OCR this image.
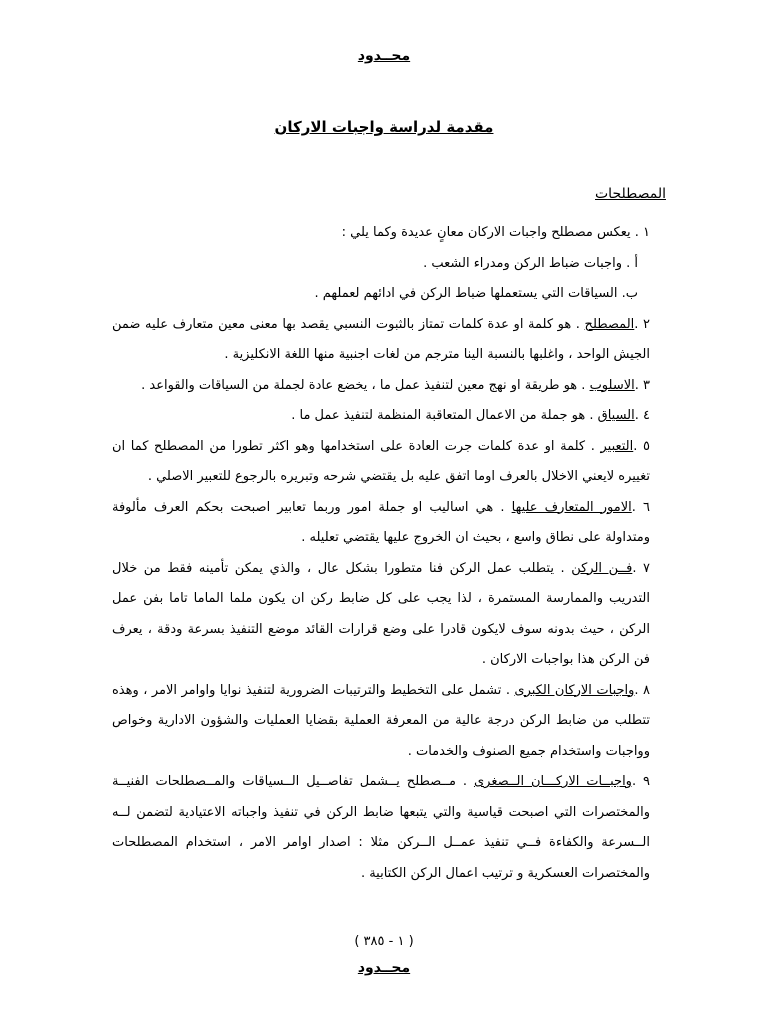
محــدود
مقدمة لدراسة واجبات الاركان
المصطلحات
١ . يعكس مصطلح واجبات الاركان معانٍ عديدة وكما يلي :
أ . واجبات ضباط الركن ومدراء الشعب .
ب. السياقات التي يستعملها ضباط الركن في ادائهم لعملهم .
٢ .المصطلح . هو كلمة او عدة كلمات تمتاز بالثبوت النسبي يقصد بها معنى معين متعارف عليه ضمن الجيش الواحد ، واغلبها بالنسبة الينا مترجم من لغات اجنبية منها اللغة الانكليزية .
٣ .الاسلوب . هو طريقة او نهج معين لتنفيذ عمل ما ، يخضع عادة لجملة من السياقات والقواعد .
٤ .السياق . هو جملة من الاعمال المتعاقبة المنظمة لتنفيذ عمل ما .
٥ .التعبير . كلمة او عدة كلمات جرت العادة على استخدامها وهو اكثر تطورا من المصطلح كما ان تغييره لايعني الاخلال بالعرف اوما اتفق عليه بل يقتضي شرحه وتبريره بالرجوع للتعبير الاصلي .
٦ .الامور المتعارف عليها . هي اساليب او جملة امور وربما تعابير اصبحت بحكم العرف مألوفة ومتداولة على نطاق واسع ، بحيث ان الخروج عليها يقتضي تعليله .
٧ .فــن الركن . يتطلب عمل الركن فنا متطورا بشكل عال ، والذي يمكن تأمينه فقط من خلال التدريب والممارسة المستمرة ، لذا يجب على كل ضابط ركن ان يكون ملما الماما تاما بفن عمل الركن ، حيث بدونه سوف لايكون قادرا على وضع قرارات القائد موضع التنفيذ بسرعة ودقة ، يعرف فن الركن هذا بواجبات الاركان .
٨ .واجبات الاركان الكبرى . تشمل على التخطيط والترتيبات الضرورية لتنفيذ نوايا واوامر الامر ، وهذه تتطلب من ضابط الركن درجة عالية من المعرفة العملية بقضايا العمليات والشؤون الادارية وخواص وواجبات واستخدام جميع الصنوف والخدمات .
٩ .واجبــات الاركـــان الــصغرى . مــصطلح يــشمل تفاصــيل الــسياقات والمــصطلحات الفنيــة والمختصرات التي اصبحت قياسية والتي يتبعها ضابط الركن في تنفيذ واجباته الاعتيادية لتضمن لــه الــسرعة والكفاءة فــي تنفيذ عمــل الــركن مثلا : اصدار اوامر الامر ، استخدام المصطلحات والمختصرات العسكرية و ترتيب اعمال الركن الكتابية .
( ١ - ٣٨٥ )
محــدود
